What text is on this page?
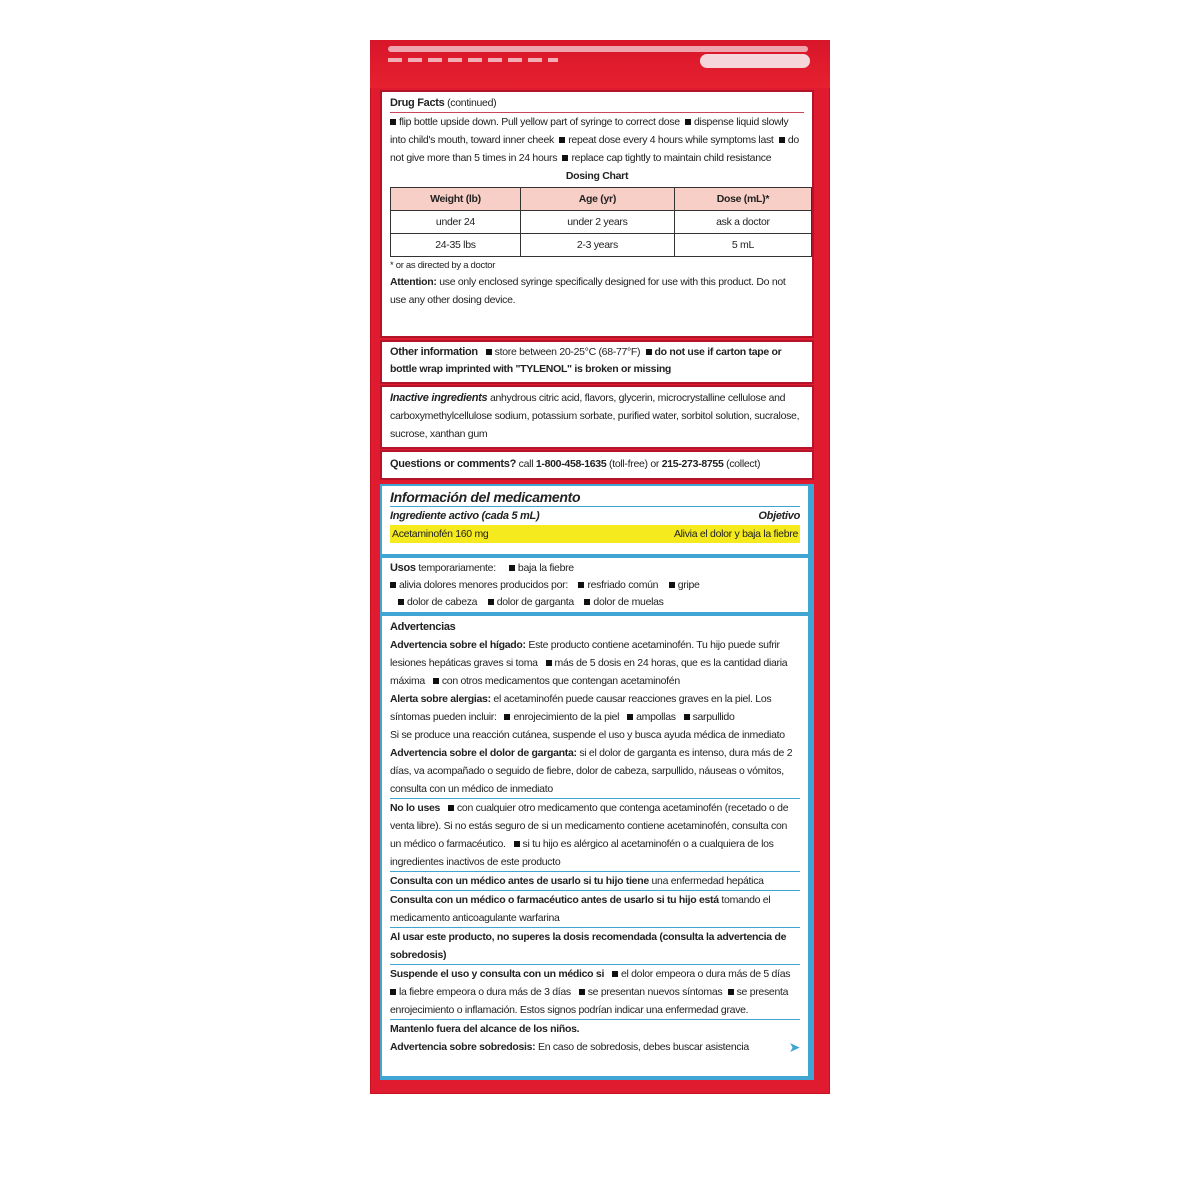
Drug Facts (continued)
flip bottle upside down. Pull yellow part of syringe to correct dose dispense liquid slowly into child's mouth, toward inner cheek repeat dose every 4 hours while symptoms last do not give more than 5 times in 24 hours replace cap tightly to maintain child resistance
Dosing Chart
Weight (lb)	Age (yr)	Dose (mL)*
under 24	under 2 years	ask a doctor
24-35 lbs	2-3 years	5 mL
* or as directed by a doctor
Attention: use only enclosed syringe specifically designed for use with this product. Do not use any other dosing device.
Other information store between 20-25°C (68-77°F) do not use if carton tape or bottle wrap imprinted with "TYLENOL" is broken or missing
Inactive ingredients anhydrous citric acid, flavors, glycerin, microcrystalline cellulose and carboxymethylcellulose sodium, potassium sorbate, purified water, sorbitol solution, sucralose, sucrose, xanthan gum
Questions or comments? call 1-800-458-1635 (toll-free) or 215-273-8755 (collect)
Información del medicamento
Ingrediente activo (cada 5 mL)	Objetivo
Acetaminofén 160 mg	Alivia el dolor y baja la fiebre
Usos temporariamente: baja la fiebre
alivia dolores menores producidos por: resfriado común gripe
dolor de cabeza dolor de garganta dolor de muelas
Advertencias
Advertencia sobre el hígado: Este producto contiene acetaminofén. Tu hijo puede sufrir lesiones hepáticas graves si toma más de 5 dosis en 24 horas, que es la cantidad diaria máxima con otros medicamentos que contengan acetaminofén
Alerta sobre alergias: el acetaminofén puede causar reacciones graves en la piel. Los síntomas pueden incluir: enrojecimiento de la piel ampollas sarpullido
Si se produce una reacción cutánea, suspende el uso y busca ayuda médica de inmediato
Advertencia sobre el dolor de garganta: si el dolor de garganta es intenso, dura más de 2 días, va acompañado o seguido de fiebre, dolor de cabeza, sarpullido, náuseas o vómitos, consulta con un médico de inmediato
No lo uses con cualquier otro medicamento que contenga acetaminofén (recetado o de venta libre). Si no estás seguro de si un medicamento contiene acetaminofén, consulta con un médico o farmacéutico. si tu hijo es alérgico al acetaminofén o a cualquiera de los ingredientes inactivos de este producto
Consulta con un médico antes de usarlo si tu hijo tiene una enfermedad hepática
Consulta con un médico o farmacéutico antes de usarlo si tu hijo está tomando el medicamento anticoagulante warfarina
Al usar este producto, no superes la dosis recomendada (consulta la advertencia de sobredosis)
Suspende el uso y consulta con un médico si el dolor empeora o dura más de 5 días  la fiebre empeora o dura más de 3 días se presentan nuevos síntomas se presenta enrojecimiento o inflamación. Estos signos podrían indicar una enfermedad grave.
Mantenlo fuera del alcance de los niños.
Advertencia sobre sobredosis: En caso de sobredosis, debes buscar asistencia	➤
